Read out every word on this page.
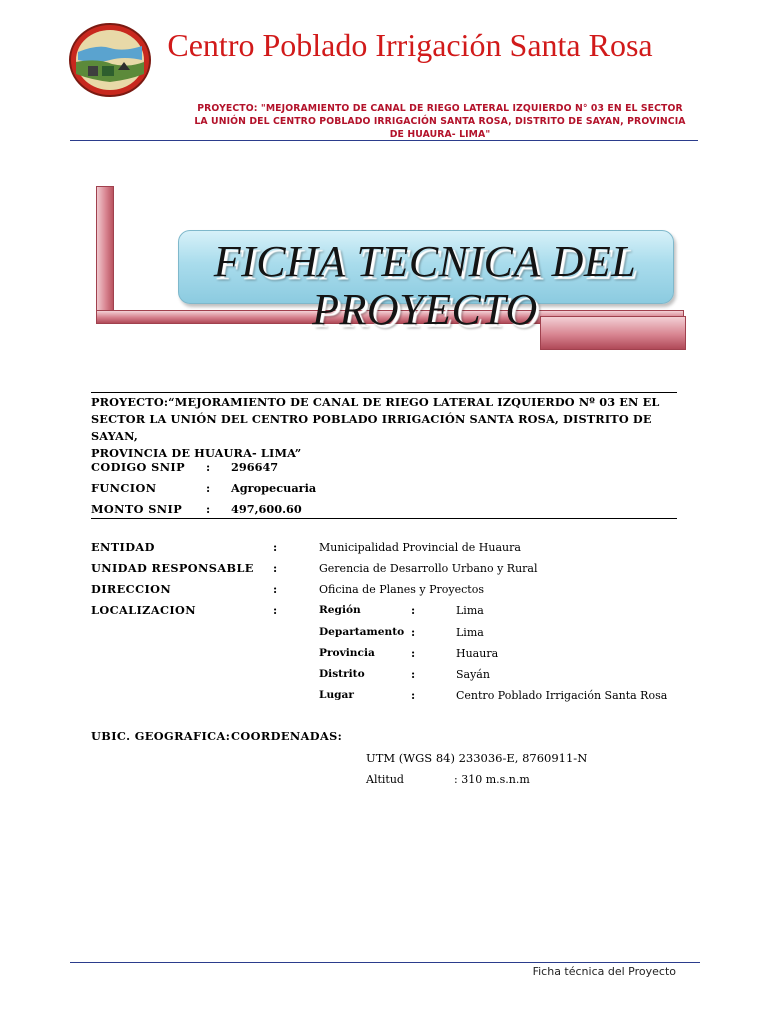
Centro Poblado Irrigación Santa Rosa
PROYECTO: "MEJORAMIENTO DE CANAL DE RIEGO LATERAL IZQUIERDO N° 03 EN EL SECTOR
LA UNIÓN DEL CENTRO POBLADO IRRIGACIÓN SANTA ROSA, DISTRITO DE SAYAN, PROVINCIA
DE HUAURA- LIMA"
FICHA TECNICA DEL
PROYECTO
PROYECTO:“MEJORAMIENTO DE CANAL DE RIEGO LATERAL IZQUIERDO Nº 03 EN EL
SECTOR LA UNIÓN DEL CENTRO POBLADO IRRIGACIÓN SANTA ROSA, DISTRITO DE SAYAN,
PROVINCIA DE HUAURA- LIMA”
CODIGO SNIP : 296647
FUNCION	: Agropecuaria
MONTO SNIP : 497,600.60
ENTIDAD	:	Municipalidad Provincial de Huaura
UNIDAD RESPONSABLE :	Gerencia de Desarrollo Urbano y Rural
DIRECCION	:	Oficina de Planes y Proyectos
LOCALIZACION	:	Región	:	Lima
Departamento :	Lima
Provincia	:	Huaura
Distrito	:	Sayán
Lugar	:	Centro Poblado Irrigación Santa Rosa
UBIC. GEOGRAFICA: COORDENADAS:
UTM (WGS 84) 233036-E, 8760911-N
Altitud	: 310 m.s.n.m
Ficha técnica del Proyecto
